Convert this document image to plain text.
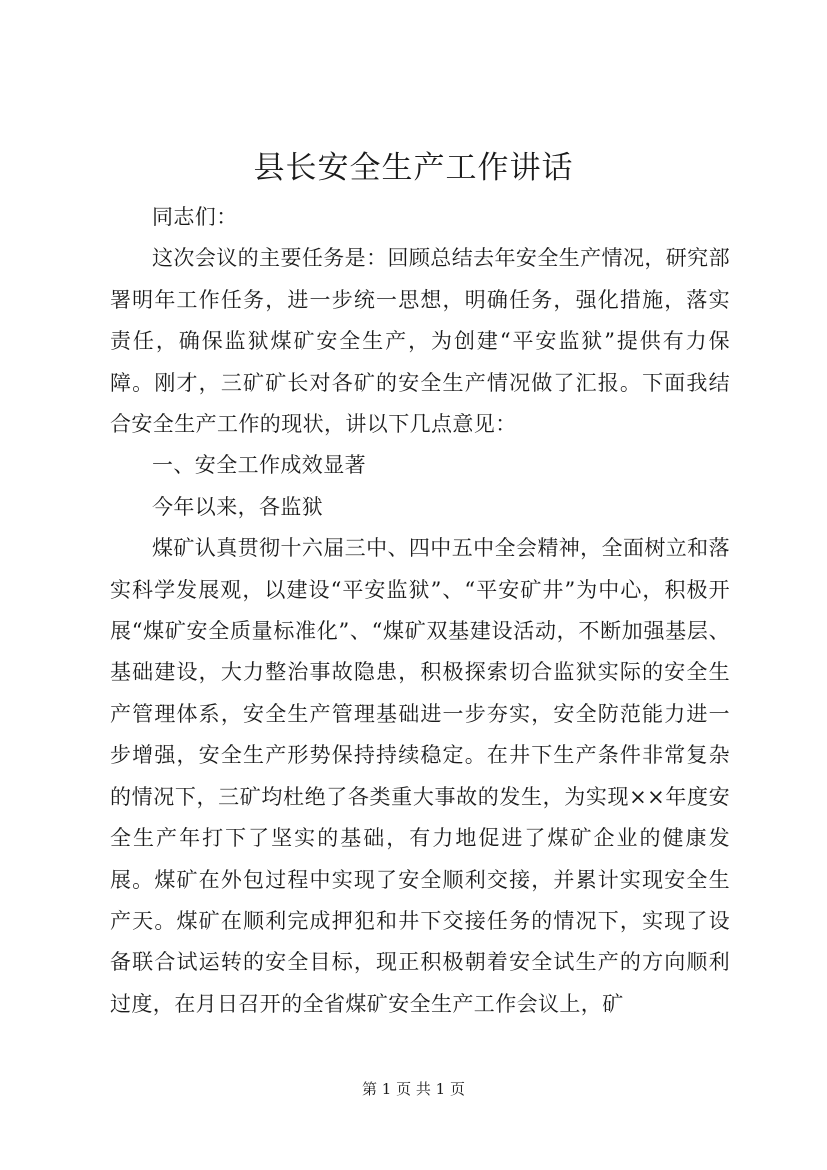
县长安全生产工作讲话

同志们：

这次会议的主要任务是：回顾总结去年安全生产情况，研究部署明年工作任务，进一步统一思想，明确任务，强化措施，落实责任，确保监狱煤矿安全生产，为创建“平安监狱”提供有力保障。刚才，三矿矿长对各矿的安全生产情况做了汇报。下面我结合安全生产工作的现状，讲以下几点意见：

一、安全工作成效显著

今年以来，各监狱

煤矿认真贯彻十六届三中、四中五中全会精神，全面树立和落实科学发展观，以建设“平安监狱”、“平安矿井”为中心，积极开展“煤矿安全质量标准化”、“煤矿双基建设活动，不断加强基层、基础建设，大力整治事故隐患，积极探索切合监狱实际的安全生产管理体系，安全生产管理基础进一步夯实，安全防范能力进一步增强，安全生产形势保持持续稳定。在井下生产条件非常复杂的情况下，三矿均杜绝了各类重大事故的发生，为实现××年度安全生产年打下了坚实的基础，有力地促进了煤矿企业的健康发展。煤矿在外包过程中实现了安全顺利交接，并累计实现安全生产天。煤矿在顺利完成押犯和井下交接任务的情况下，实现了设备联合试运转的安全目标，现正积极朝着安全试生产的方向顺利过度，在月日召开的全省煤矿安全生产工作会议上，矿

第 1 页 共 1 页
